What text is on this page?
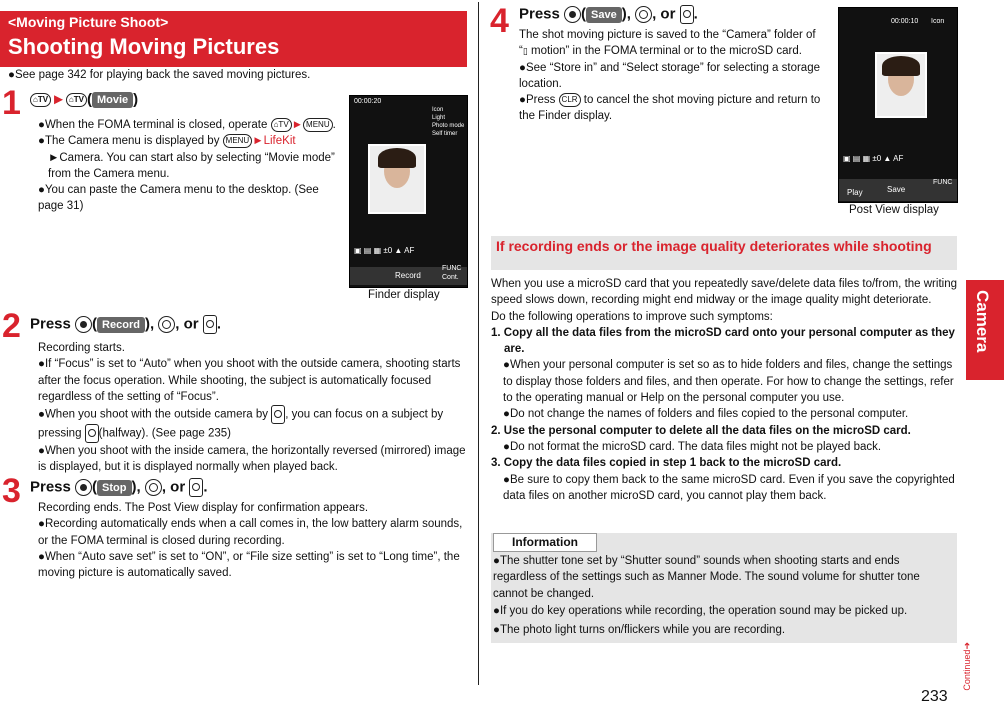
<Moving Picture Shoot>
Shooting Moving Pictures
●See page 342 for playing back the saved moving pictures.
1	⌂TV ► ⌂TV ( Movie )
●When the FOMA terminal is closed, operate ⌂TV ► MENU .
●The Camera menu is displayed by MENU ►LifeKit
►Camera. You can start also by selecting “Movie mode” from the Camera menu.
●You can paste the Camera menu to the desktop. (See page 31)
00:00:20
Icon
Light
Photo mode
Self timer
▣ ▤ ▦ ±0 ▲ AF
Record
FUNC
Cont.
Finder display
2 Press ( Record ), , or .
Recording starts.
●If “Focus” is set to “Auto” when you shoot with the outside camera, shooting starts after the focus operation. While shooting, the subject is automatically focused regardless of the setting of “Focus”.
●When you shoot with the outside camera by , you can focus on a subject by pressing (halfway). (See page 235)
●When you shoot with the inside camera, the horizontally reversed (mirrored) image is displayed, but it is displayed normally when played back.
3 Press ( Stop ), , or .
Recording ends. The Post View display for confirmation appears.
●Recording automatically ends when a call comes in, the low battery alarm sounds, or the FOMA terminal is closed during recording.
●When “Auto save set” is set to “ON”, or “File size setting” is set to “Long time”, the moving picture is automatically saved.
4 Press ( Save ), , or .
The shot moving picture is saved to the “Camera” folder of “▯ motion” in the FOMA terminal or to the microSD card.
●See “Store in” and “Select storage” for selecting a storage location.
●Press CLR to cancel the shot moving picture and return to the Finder display.
00:00:10 Icon
▣ ▤ ▦ ±0 ▲ AF
Play	Save
FUNC
Post View display
If recording ends or the image quality deteriorates while shooting
When you use a microSD card that you repeatedly save/delete data files to/from, the writing speed slows down, recording might end midway or the image quality might deteriorate.
Do the following operations to improve such symptoms:
1. Copy all the data files from the microSD card onto your personal computer as they are.
●When your personal computer is set so as to hide folders and files, change the settings to display those folders and files, and then operate. For how to change the settings, refer to the operating manual or Help on the personal computer you use.
●Do not change the names of folders and files copied to the personal computer.
2. Use the personal computer to delete all the data files on the microSD card.
●Do not format the microSD card. The data files might not be played back.
3. Copy the data files copied in step 1 back to the microSD card.
●Be sure to copy them back to the same microSD card. Even if you save the copyrighted data files on another microSD card, you cannot play them back.
Information
●The shutter tone set by “Shutter sound” sounds when shooting starts and ends regardless of the settings such as Manner Mode. The sound volume for shutter tone cannot be changed.
●If you do key operations while recording, the operation sound may be picked up.
●The photo light turns on/flickers while you are recording.
Camera
233
Continued➜
